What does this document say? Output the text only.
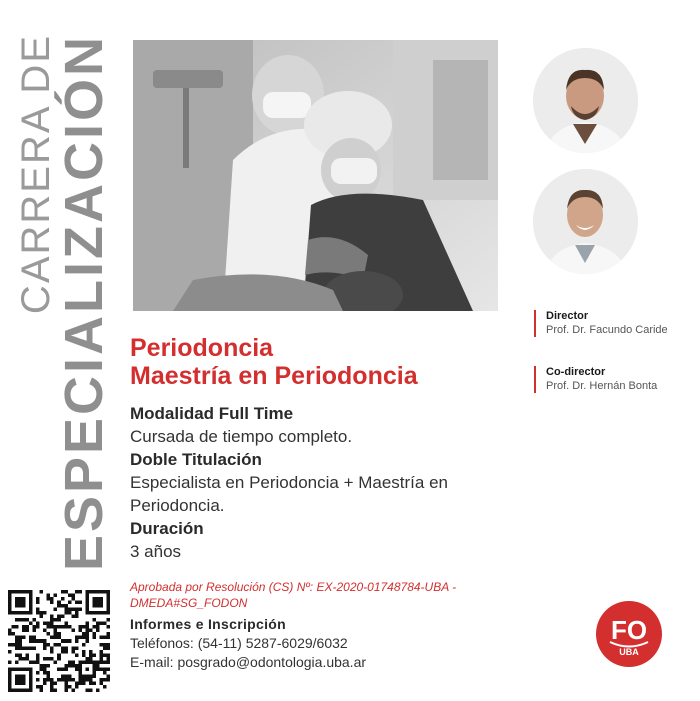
CARRERA DE
ESPECIALIZACIÓN	Director
Prof. Dr. Facundo Caride
Co-director
Prof. Dr. Hernán Bonta
Periodoncia
Maestría en Periodoncia
Modalidad Full Time
Cursada de tiempo completo.
Doble Titulación
Especialista en Periodoncia + Maestría en Periodoncia.
Duración
3 años
Aprobada por Resolución (CS) Nº: EX-2020-01748784-UBA -DMEDA#SG_FODON
Informes e Inscripción
Teléfonos: (54-11) 5287-6029/6032
E-mail: posgrado@odontologia.uba.ar
FO
UBA
